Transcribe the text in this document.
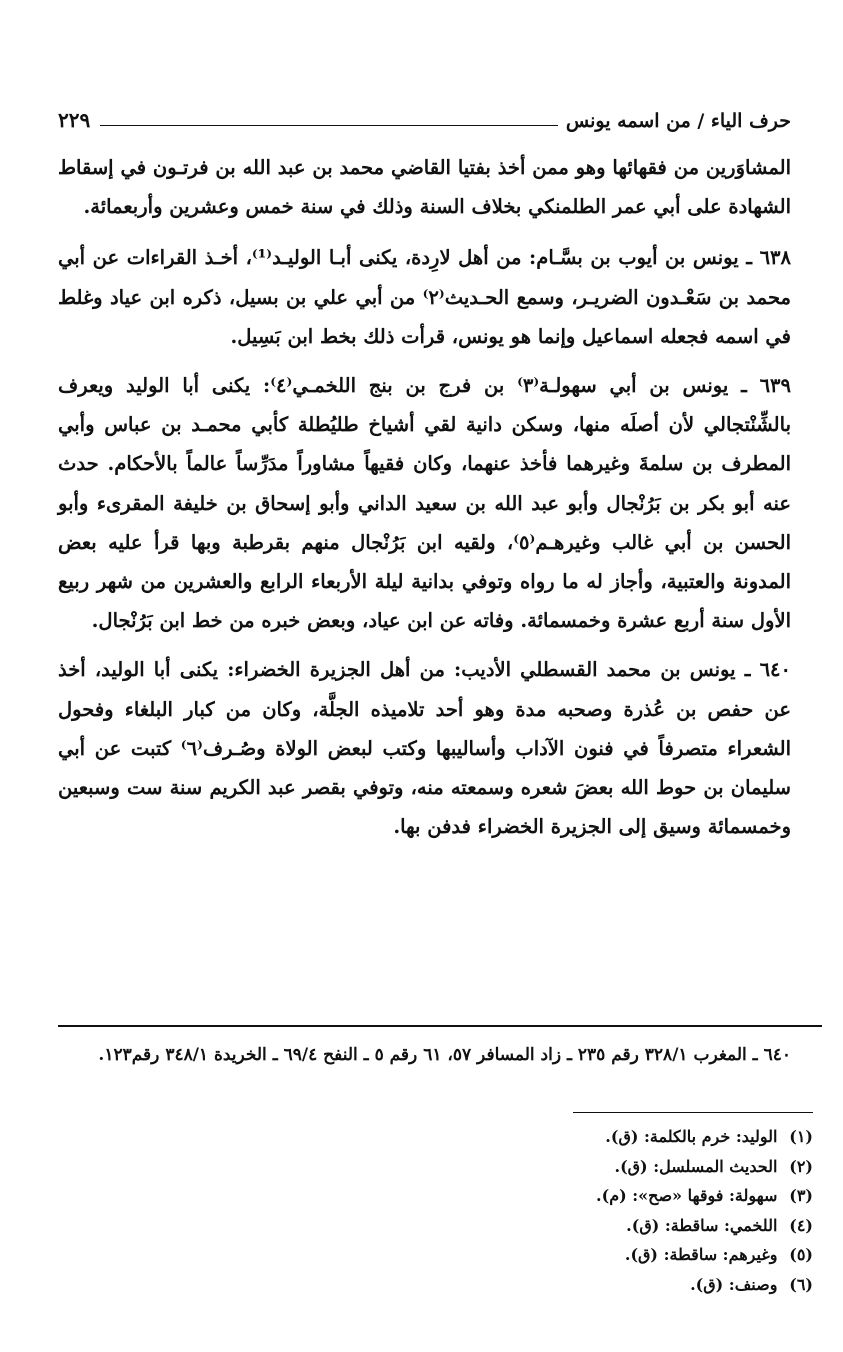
حرف الياء / من اسمه يونس
٢٢٩

المشاوَرين من فقهائها وهو ممن أخذ بفتيا القاضي محمد بن عبد الله بن فرتـون في إسقاط الشهادة على أبي عمر الطلمنكي بخلاف السنة وذلك في سنة خمس وعشرين وأربعمائة.

٦٣٨ ـ يونس بن أيوب بن بسَّـام: من أهل لارِدة، يكنى أبـا الوليـد⁽¹⁾، أخـذ القراءات عن أبي محمد بن سَعْـدون الضريـر، وسمع الحـديث⁽٢⁾ من أبي علي بن بسيل، ذكره ابن عياد وغلط في اسمه فجعله اسماعيل وإنما هو يونس، قرأت ذلك بخط ابن بَسِيل.

٦٣٩ ـ يونس بن أبي سهولـة⁽٣⁾ بن فرج بن بنج اللخمـي⁽٤⁾: يكنى أبا الوليد ويعرف بالشِّنْتجالي لأن أصلَه منها، وسكن دانية لقي أشياخ طليُطلة كأبي محمـد بن عباس وأبي المطرف بن سلمةَ وغيرهما فأخذ عنهما، وكان فقيهاً مشاوراً مدَرِّساً عالماً بالأحكام. حدث عنه أبو بكر بن بَرُنْجال وأبو عبد الله بن سعيد الداني وأبو إسحاق بن خليفة المقرىء وأبو الحسن بن أبي غالب وغيرهـم⁽٥⁾، ولقيه ابن بَرُنْجال منهم بقرطبة وبها قرأ عليه بعض المدونة والعتبية، وأجاز له ما رواه وتوفي بدانية ليلة الأربعاء الرابع والعشرين من شهر ربيع الأول سنة أربع عشرة وخمسمائة. وفاته عن ابن عياد، وبعض خبره من خط ابن بَرُنْجال.

٦٤٠ ـ يونس بن محمد القسطلي الأديب: من أهل الجزيرة الخضراء: يكنى أبا الوليد، أخذ عن حفص بن عُذرة وصحبه مدة وهو أحد تلاميذه الجلَّة، وكان من كبار البلغاء وفحول الشعراء متصرفاً في فنون الآداب وأساليبها وكتب لبعض الولاة وصُـرف⁽٦⁾ كتبت عن أبي سليمان بن حوط الله بعضَ شعره وسمعته منه، وتوفي بقصر عبد الكريم سنة ست وسبعين وخمسمائة وسيق إلى الجزيرة الخضراء فدفن بها.

٦٤٠ ـ المغرب ٣٢٨/١ رقم ٢٣٥ ـ زاد المسافر ٥٧، ٦١ رقم ٥ ـ النفح ٦٩/٤ ـ الخريدة ٣٤٨/١ رقم١٢٣.
(١) الوليد: خرم بالكلمة: (ق).
(٢) الحديث المسلسل: (ق).
(٣) سهولة: فوقها «صح»: (م).
(٤) اللخمي: ساقطة: (ق).
(٥) وغيرهم: ساقطة: (ق).
(٦) وصنف: (ق).
